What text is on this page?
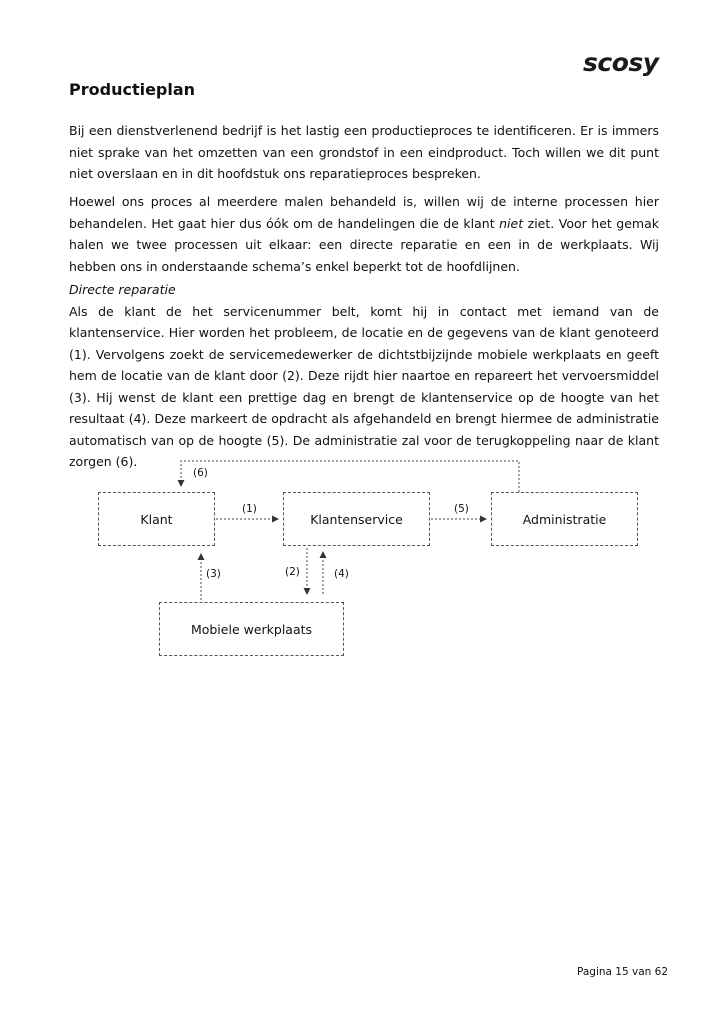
scosy
Productieplan

Bij een dienstverlenend bedrijf is het lastig een productieproces te identificeren. Er is immers niet sprake van het omzetten van een grondstof in een eindproduct. Toch willen we dit punt niet overslaan en in dit hoofdstuk ons reparatieproces bespreken.

Hoewel ons proces al meerdere malen behandeld is, willen wij de interne processen hier behandelen. Het gaat hier dus óók om de handelingen die de klant niet ziet. Voor het gemak halen we twee processen uit elkaar: een directe reparatie en een in de werkplaats. Wij hebben ons in onderstaande schema’s enkel beperkt tot de hoofdlijnen.

Directe reparatie
Als de klant de het servicenummer belt, komt hij in contact met iemand van de klantenservice. Hier worden het probleem, de locatie en de gegevens van de klant genoteerd (1). Vervolgens zoekt de servicemedewerker de dichtstbijzijnde mobiele werkplaats en geeft hem de locatie van de klant door (2). Deze rijdt hier naartoe en repareert het vervoersmiddel (3). Hij wenst de klant een prettige dag en brengt de klantenservice op de hoogte van het resultaat (4). Deze markeert de opdracht als afgehandeld en brengt hiermee de administratie automatisch van op de hoogte (5). De administratie zal voor de terugkoppeling naar de klant zorgen (6).

Klant	Klantenservice	Administratie
Mobiele werkplaats
(6)
(1)	(5)
(3)	(2)	(4)
Pagina 15 van 62
